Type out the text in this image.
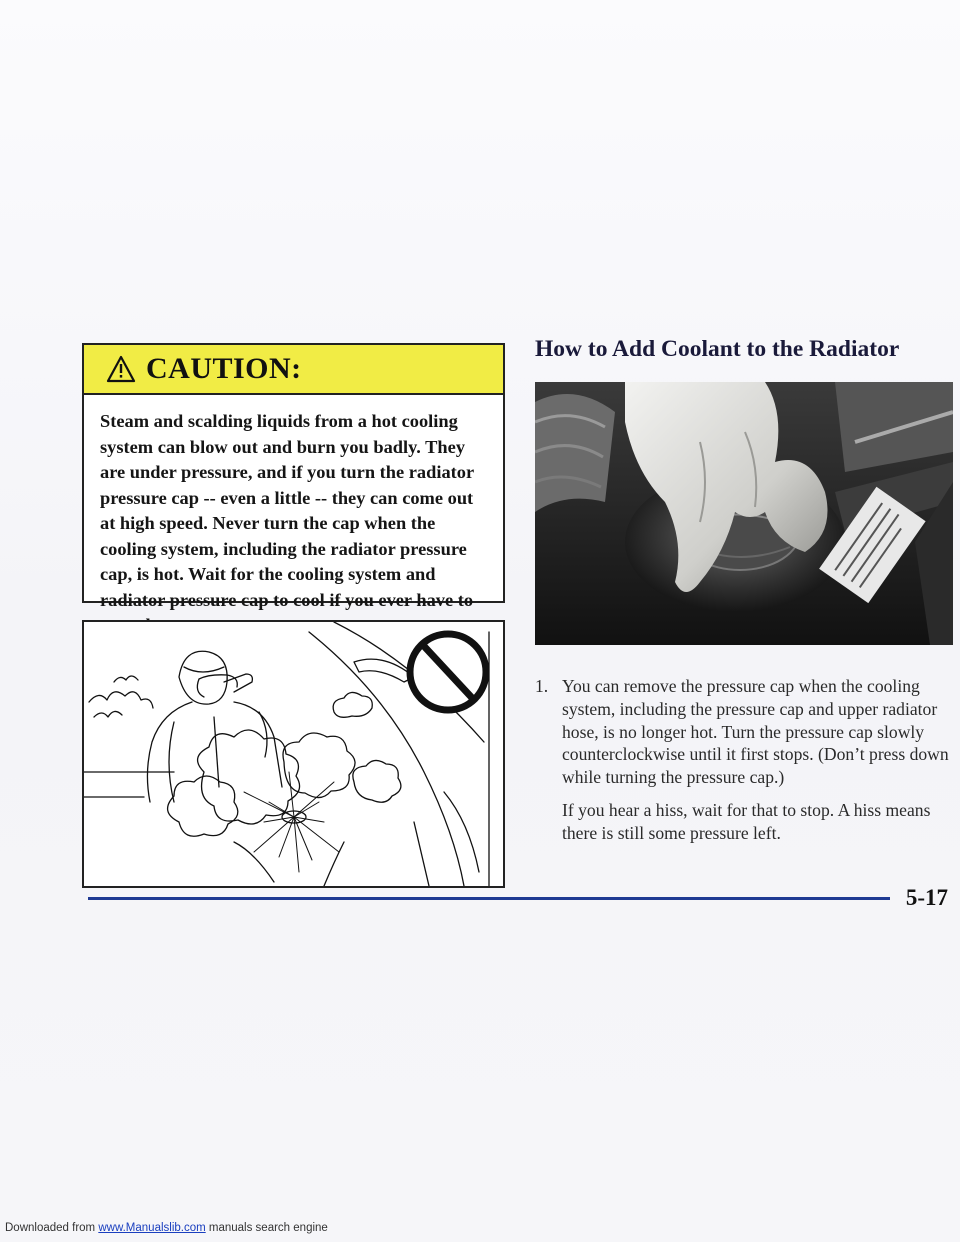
CAUTION:
Steam and scalding liquids from a hot cooling system can blow out and burn you badly. They are under pressure, and if you turn the radiator pressure cap -- even a little -- they can come out at high speed. Never turn the cap when the cooling system, including the radiator pressure cap, is hot. Wait for the cooling system and radiator pressure cap to cool if you ever have to
How to Add Coolant to the Radiator
1. You can remove the pressure cap when the cooling system, including the pressure cap and upper radiator hose, is no longer hot. Turn the pressure cap slowly counterclockwise until it first stops. (Don’t press down while turning the pressure cap.)

If you hear a hiss, wait for that to stop. A hiss means there is still some pressure left.

5-17
Downloaded from www.Manualslib.com manuals search engine
